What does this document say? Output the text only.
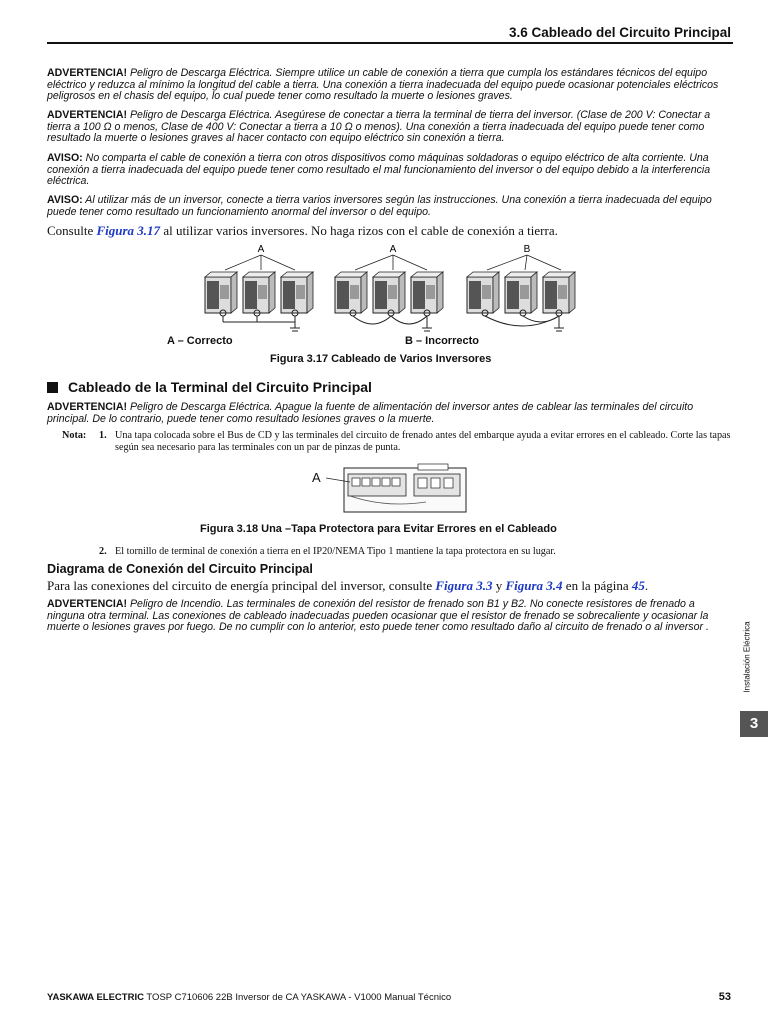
3.6 Cableado del Circuito Principal
ADVERTENCIA! Peligro de Descarga Eléctrica. Siempre utilice un cable de conexión a tierra que cumpla los estándares técnicos del equipo eléctrico y reduzca al mínimo la longitud del cable a tierra. Una conexión a tierra inadecuada del equipo puede ocasionar potenciales eléctricos peligrosos en el chasis del equipo, lo cual puede tener como resultado la muerte o lesiones graves.
ADVERTENCIA! Peligro de Descarga Eléctrica. Asegúrese de conectar a tierra la terminal de tierra del inversor. (Clase de 200 V: Conectar a tierra a 100 Ω o menos, Clase de 400 V: Conectar a tierra a 10 Ω o menos). Una conexión a tierra inadecuada del equipo puede tener como resultado la muerte o lesiones graves al hacer contacto con equipo eléctrico sin conexión a tierra.
AVISO: No comparta el cable de conexión a tierra con otros dispositivos como máquinas soldadoras o equipo eléctrico de alta corriente. Una conexión a tierra inadecuada del equipo puede tener como resultado el mal funcionamiento del inversor o del equipo debido a la interferencia eléctrica.
AVISO: Al utilizar más de un inversor, conecte a tierra varios inversores según las instrucciones. Una conexión a tierra inadecuada del equipo puede tener como resultado un funcionamiento anormal del inversor o del equipo.
Consulte Figura 3.17 al utilizar varios inversores. No haga rizos con el cable de conexión a tierra.
A	A	B
A – Correcto	B – Incorrecto
Figura 3.17 Cableado de Varios Inversores
Cableado de la Terminal del Circuito Principal
ADVERTENCIA! Peligro de Descarga Eléctrica. Apague la fuente de alimentación del inversor antes de cablear las terminales del circuito principal. De lo contrario, puede tener como resultado lesiones graves o la muerte.
Nota: 1. Una tapa colocada sobre el Bus de CD y las terminales del circuito de frenado antes del embarque ayuda a evitar errores en el cableado. Corte las tapas según sea necesario para las terminales con un par de pinzas de punta.
A
Figura 3.18 Una –Tapa Protectora para Evitar Errores en el Cableado
2. El tornillo de terminal de conexión a tierra en el IP20/NEMA Tipo 1 mantiene la tapa protectora en su lugar.
Diagrama de Conexión del Circuito Principal
Para las conexiones del circuito de energía principal del inversor, consulte Figura 3.3 y Figura 3.4 en la página 45.
ADVERTENCIA! Peligro de Incendio. Las terminales de conexión del resistor de frenado son B1 y B2. No conecte resistores de frenado a ninguna otra terminal. Las conexiones de cableado inadecuadas pueden ocasionar que el resistor de frenado se sobrecaliente y ocasionar la muerte o lesiones graves por fuego. De no cumplir con lo anterior, esto puede tener como resultado daño al circuito de frenado o al inversor .	Instalación Eléctrica
3
YASKAWA ELECTRIC TOSP C710606 22B Inversor de CA YASKAWA - V1000 Manual Técnico	53
